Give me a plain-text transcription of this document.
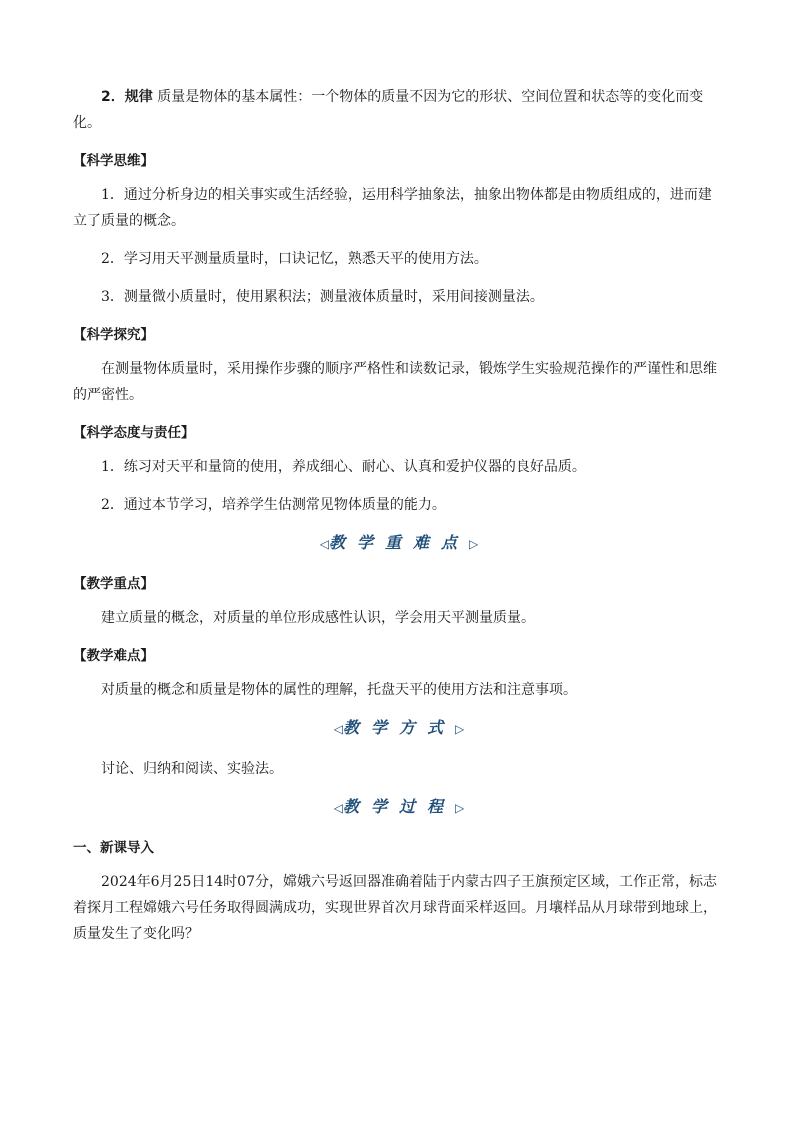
2．规律 质量是物体的基本属性：一个物体的质量不因为它的形状、空间位置和状态等的变化而变化。

【科学思维】

1．通过分析身边的相关事实或生活经验，运用科学抽象法，抽象出物体都是由物质组成的，进而建立了质量的概念。

2．学习用天平测量质量时，口诀记忆，熟悉天平的使用方法。

3．测量微小质量时，使用累积法；测量液体质量时，采用间接测量法。

【科学探究】

在测量物体质量时，采用操作步骤的顺序严格性和读数记录，锻炼学生实验规范操作的严谨性和思维的严密性。

【科学态度与责任】

1．练习对天平和量筒的使用，养成细心、耐心、认真和爱护仪器的良好品质。

2．通过本节学习，培养学生估测常见物体质量的能力。

◁教学重难点▷
【教学重点】

建立质量的概念，对质量的单位形成感性认识，学会用天平测量质量。

【教学难点】

对质量的概念和质量是物体的属性的理解，托盘天平的使用方法和注意事项。

◁教学方式▷

讨论、归纳和阅读、实验法。

◁教学过程▷
一、新课导入

2024年6月25日14时07分，嫦娥六号返回器准确着陆于内蒙古四子王旗预定区域，工作正常，标志着探月工程嫦娥六号任务取得圆满成功，实现世界首次月球背面采样返回。月壤样品从月球带到地球上，质量发生了变化吗？
